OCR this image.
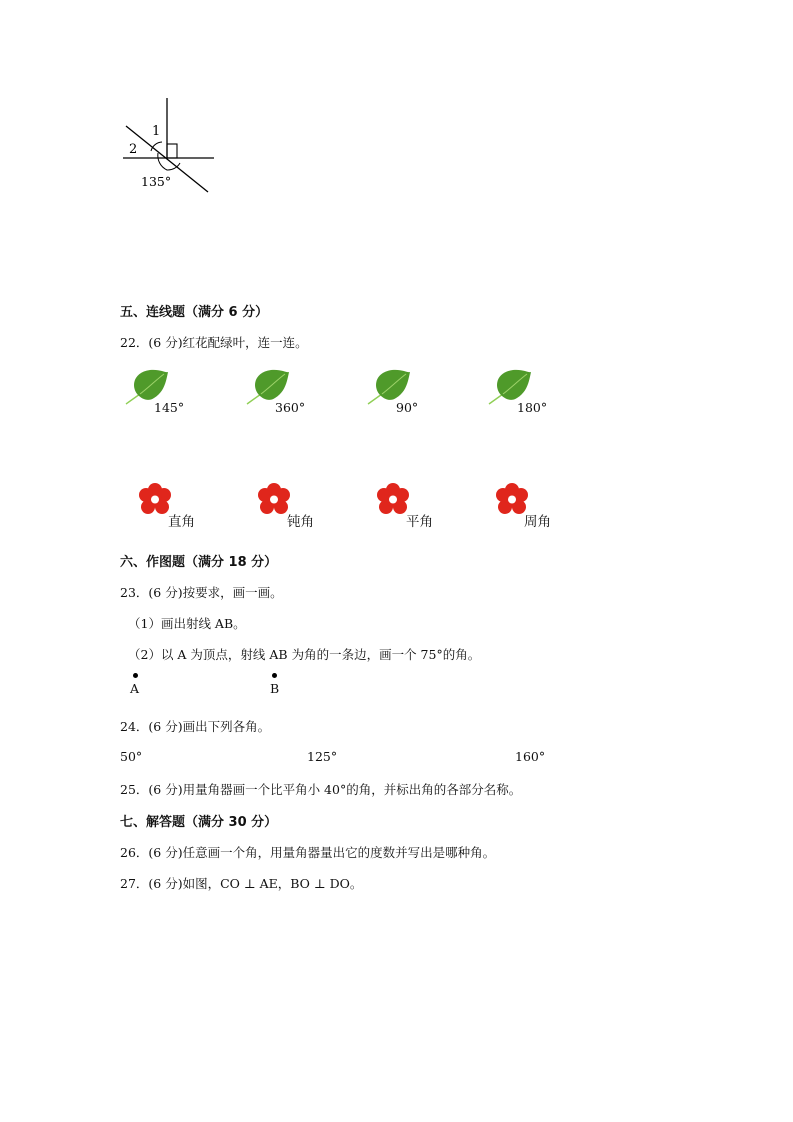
1
2
135°
五、连线题（满分 6 分）
22．(6 分)红花配绿叶，连一连。
145°	360°	90°	180°
直角	钝角	平角	周角
六、作图题（满分 18 分）
23．(6 分)按要求，画一画。
（1）画出射线 AB。
（2）以 A 为顶点，射线 AB 为角的一条边，画一个 75°的角。
A	B
24．(6 分)画出下列各角。
50°	125°	160°
25．(6 分)用量角器画一个比平角小 40°的角，并标出角的各部分名称。
七、解答题（满分 30 分）
26．(6 分)任意画一个角，用量角器量出它的度数并写出是哪种角。
27．(6 分)如图，CO ⊥ AE，BO ⊥ DO。
